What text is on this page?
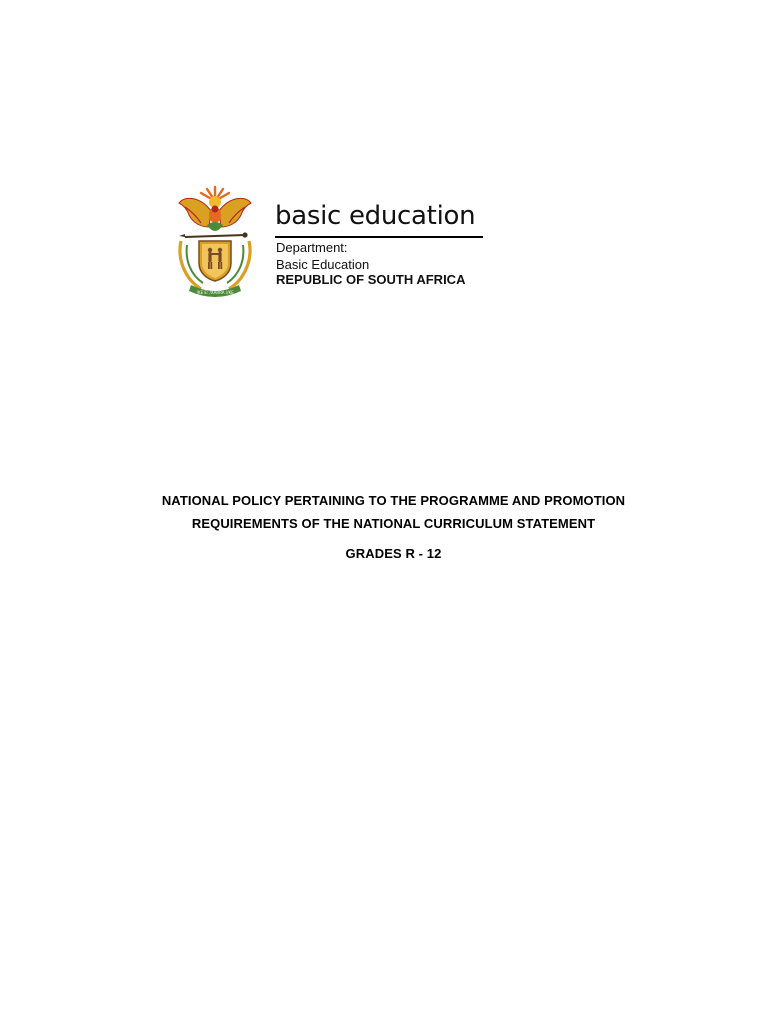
!KE E: /XARRA //KE
basic education
Department:
Basic Education
REPUBLIC OF SOUTH AFRICA
NATIONAL POLICY PERTAINING TO THE PROGRAMME AND PROMOTION
REQUIREMENTS OF THE NATIONAL CURRICULUM STATEMENT
GRADES R - 12
